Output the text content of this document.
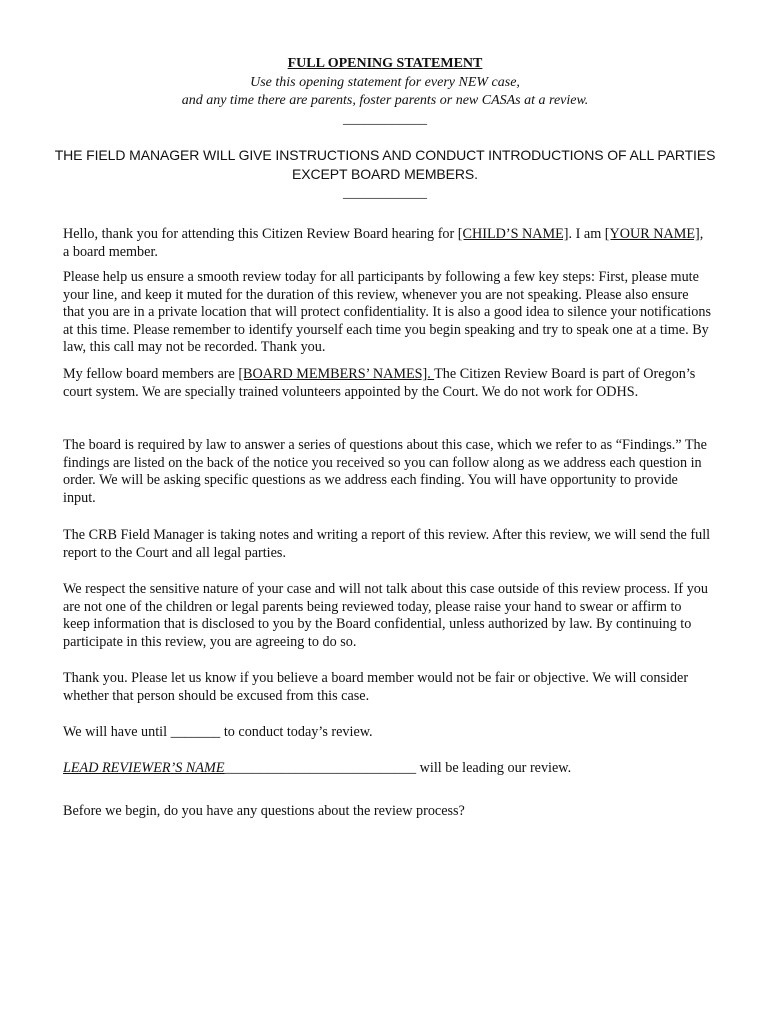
FULL OPENING STATEMENT
Use this opening statement for every NEW case,
and any time there are parents, foster parents or new CASAs at a review.
____________
THE FIELD MANAGER WILL GIVE INSTRUCTIONS AND CONDUCT INTRODUCTIONS OF ALL PARTIES EXCEPT BOARD MEMBERS.
____________

Hello, thank you for attending this Citizen Review Board hearing for [CHILD’S NAME]. I am [YOUR NAME], a board member.

Please help us ensure a smooth review today for all participants by following a few key steps: First, please mute your line, and keep it muted for the duration of this review, whenever you are not speaking. Please also ensure that you are in a private location that will protect confidentiality. It is also a good idea to silence your notifications at this time. Please remember to identify yourself each time you begin speaking and try to speak one at a time. By law, this call may not be recorded. Thank you.

My fellow board members are [BOARD MEMBERS’ NAMES]. The Citizen Review Board is part of Oregon’s court system. We are specially trained volunteers appointed by the Court. We do not work for ODHS.

The board is required by law to answer a series of questions about this case, which we refer to as “Findings.” The findings are listed on the back of the notice you received so you can follow along as we address each question in order. We will be asking specific questions as we address each finding. You will have opportunity to provide input.

The CRB Field Manager is taking notes and writing a report of this review. After this review, we will send the full report to the Court and all legal parties.

We respect the sensitive nature of your case and will not talk about this case outside of this review process. If you are not one of the children or legal parents being reviewed today, please raise your hand to swear or affirm to keep information that is disclosed to you by the Board confidential, unless authorized by law. By continuing to participate in this review, you are agreeing to do so.

Thank you. Please let us know if you believe a board member would not be fair or objective. We will consider whether that person should be excused from this case.

We will have until _______ to conduct today’s review.

LEAD REVIEWER’S NAME___________________________ will be leading our review.

Before we begin, do you have any questions about the review process?
